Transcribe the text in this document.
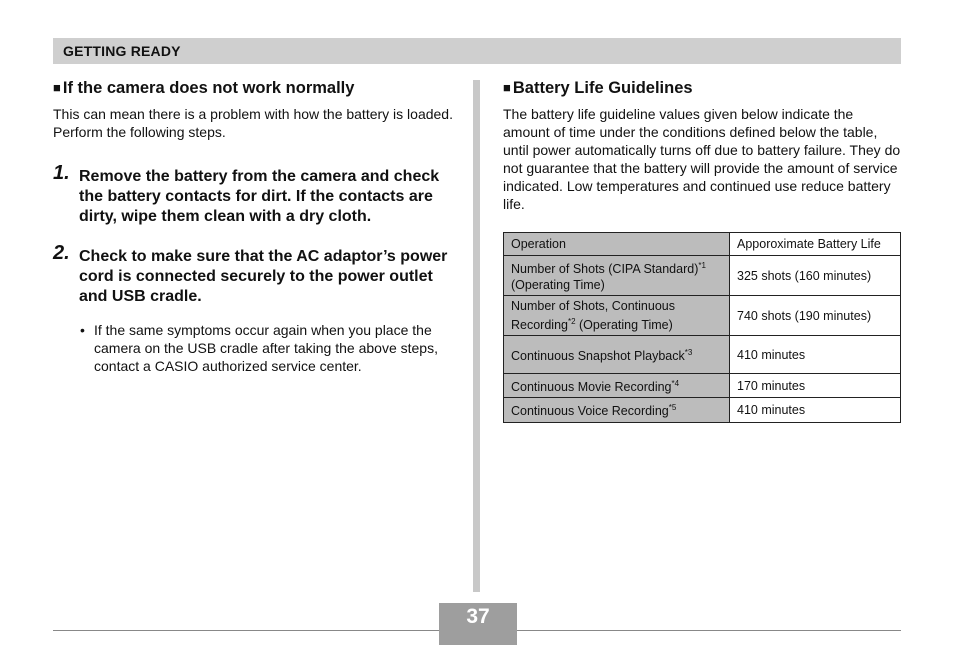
GETTING READY
■ If the camera does not work normally

This can mean there is a problem with how the battery is loaded. Perform the following steps.

1. Remove the battery from the camera and check the battery contacts for dirt. If the contacts are dirty, wipe them clean with a dry cloth.
2. Check to make sure that the AC adaptor’s power cord is connected securely to the power outlet and USB cradle.
• If the same symptoms occur again when you place the camera on the USB cradle after taking the above steps, contact a CASIO authorized service center.
■ Battery Life Guidelines

The battery life guideline values given below indicate the amount of time under the conditions defined below the table, until power automatically turns off due to battery failure. They do not guarantee that the battery will provide the amount of service indicated. Low temperatures and continued use reduce battery life.

Operation	Apporoximate Battery Life
Number of Shots (CIPA Standard)$^{*1}$ (Operating Time)	325 shots (160 minutes)
Number of Shots, Continuous Recording$^{*2}$ (Operating Time)	740 shots (190 minutes)
Continuous Snapshot Playback$^{*3}$	410 minutes
Continuous Movie Recording$^{*4}$	170 minutes
Continuous Voice Recording$^{*5}$	410 minutes
37
